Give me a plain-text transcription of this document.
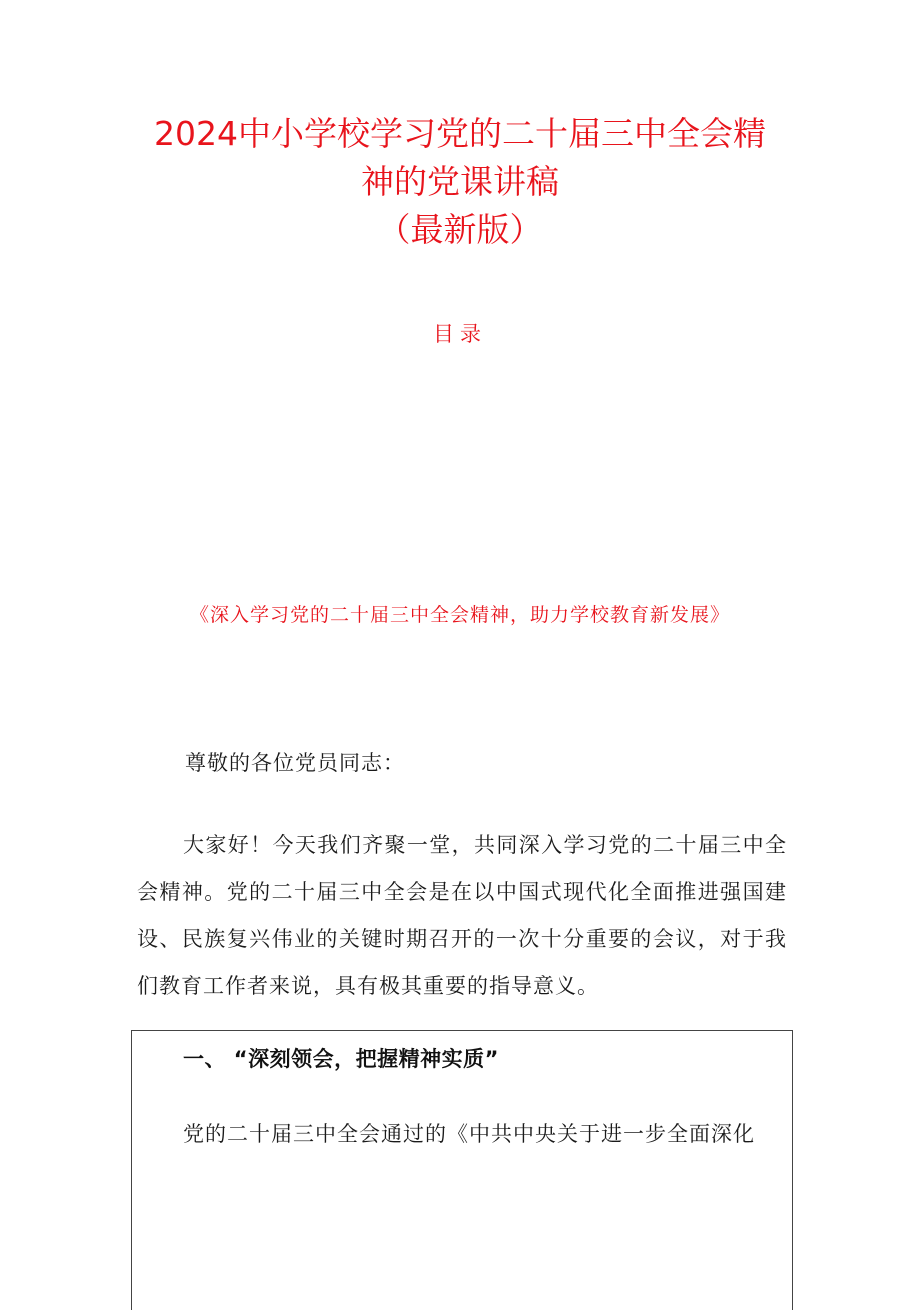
2024中小学校学习党的二十届三中全会精
神的党课讲稿
（最新版）
目录
《深入学习党的二十届三中全会精神，助力学校教育新发展》

尊敬的各位党员同志：

大家好！今天我们齐聚一堂，共同深入学习党的二十届三中全会精神。党的二十届三中全会是在以中国式现代化全面推进强国建设、民族复兴伟业的关键时期召开的一次十分重要的会议，对于我们教育工作者来说，具有极其重要的指导意义。

一、 “深刻领会，把握精神实质”
党的二十届三中全会通过的《中共中央关于进一步全面深化
